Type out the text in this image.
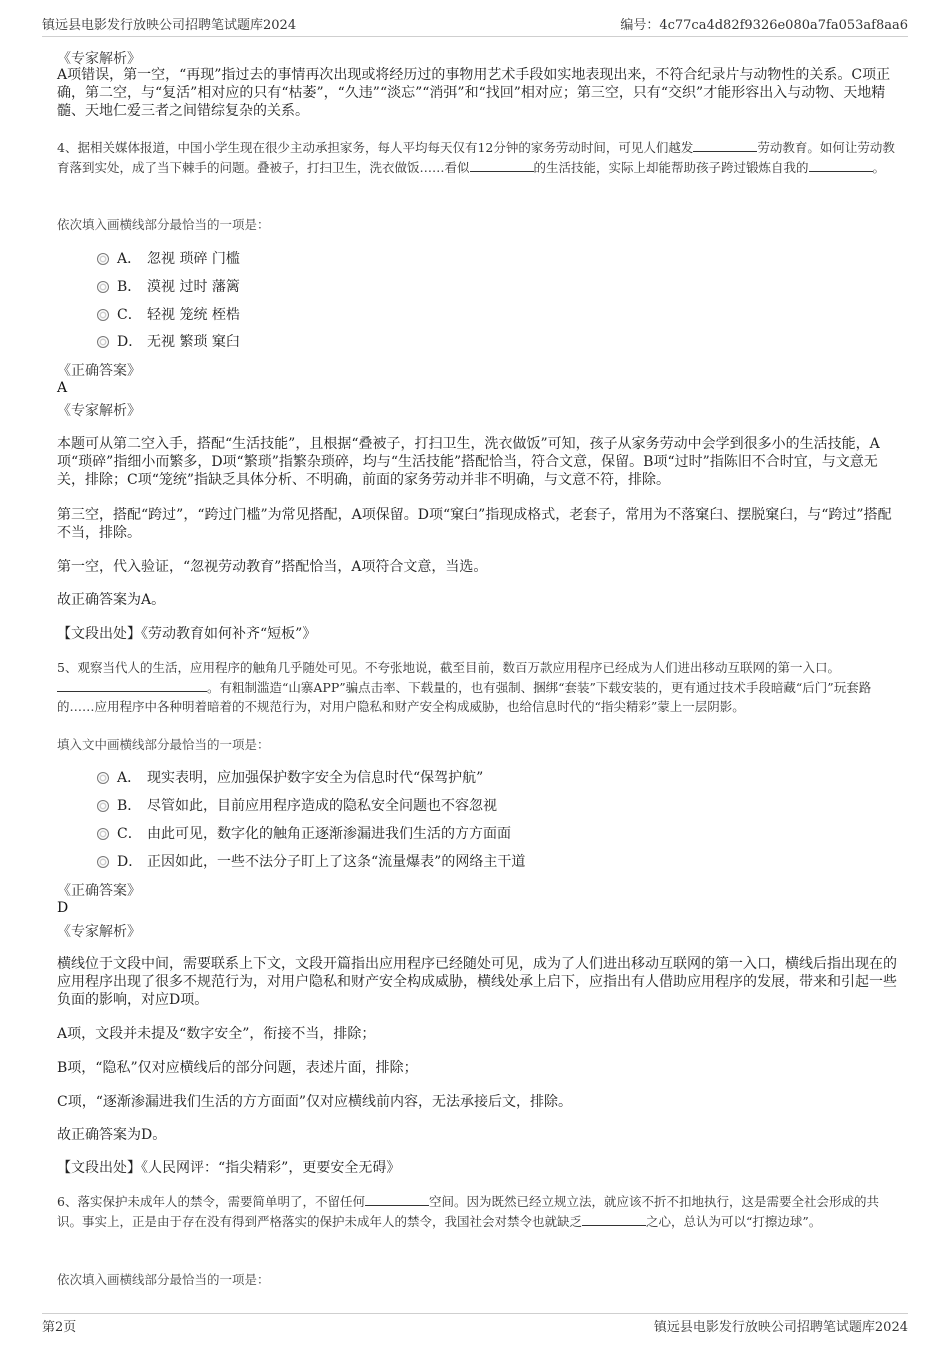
镇远县电影发行放映公司招聘笔试题库2024	编号：4c77ca4d82f9326e080a7fa053af8aa6
《专家解析》
A项错误，第一空，“再现”指过去的事情再次出现或将经历过的事物用艺术手段如实地表现出来，不符合纪录片与动物性的关系。C项正确，第二空，与“复活”相对应的只有“枯萎”，“久违”“淡忘”“消弭”和“找回”相对应；第三空，只有“交织”才能形容出入与动物、天地精髓、天地仁爱三者之间错综复杂的关系。
4、据相关媒体报道，中国小学生现在很少主动承担家务，每人平均每天仅有12分钟的家务劳动时间，可见人们越发	劳动教育。如何让劳动教育落到实处，成了当下棘手的问题。叠被子，打扫卫生，洗衣做饭……看似	的生活技能，实际上却能帮助孩子跨过锻炼自我的	。
依次填入画横线部分最恰当的一项是：
A． 忽视 琐碎 门槛
B． 漠视 过时 藩篱
C． 轻视 笼统 桎梏
D． 无视 繁琐 窠臼
《正确答案》
A
《专家解析》
本题可从第二空入手，搭配“生活技能”，且根据“叠被子，打扫卫生，洗衣做饭”可知，孩子从家务劳动中会学到很多小的生活技能，A项“琐碎”指细小而繁多，D项“繁琐”指繁杂琐碎，均与“生活技能”搭配恰当，符合文意，保留。B项“过时”指陈旧不合时宜，与文意无关，排除；C项“笼统”指缺乏具体分析、不明确，前面的家务劳动并非不明确，与文意不符，排除。
第三空，搭配“跨过”，“跨过门槛”为常见搭配，A项保留。D项“窠臼”指现成格式，老套子，常用为不落窠臼、摆脱窠臼，与“跨过”搭配不当，排除。
第一空，代入验证，“忽视劳动教育”搭配恰当，A项符合文意，当选。
故正确答案为A。
【文段出处】《劳动教育如何补齐“短板”》
5、观察当代人的生活，应用程序的触角几乎随处可见。不夸张地说，截至目前，数百万款应用程序已经成为人们进出移动互联网的第一入口。。有粗制滥造“山寨APP”骗点击率、下载量的，也有强制、捆绑“套装”下载安装的，更有通过技术手段暗藏“后门”玩套路的……应用程序中各种明着暗着的不规范行为，对用户隐私和财产安全构成威胁，也给信息时代的“指尖精彩”蒙上一层阴影。
填入文中画横线部分最恰当的一项是：
A． 现实表明，应加强保护数字安全为信息时代“保驾护航”
B． 尽管如此，目前应用程序造成的隐私安全问题也不容忽视
C． 由此可见，数字化的触角正逐渐渗漏进我们生活的方方面面
D． 正因如此，一些不法分子盯上了这条“流量爆表”的网络主干道
《正确答案》
D
《专家解析》
横线位于文段中间，需要联系上下文，文段开篇指出应用程序已经随处可见，成为了人们进出移动互联网的第一入口，横线后指出现在的应用程序出现了很多不规范行为，对用户隐私和财产安全构成威胁，横线处承上启下，应指出有人借助应用程序的发展，带来和引起一些负面的影响，对应D项。
A项，文段并未提及“数字安全”，衔接不当，排除；
B项，“隐私”仅对应横线后的部分问题，表述片面，排除；
C项，“逐渐渗漏进我们生活的方方面面”仅对应横线前内容，无法承接后文，排除。
故正确答案为D。
【文段出处】《人民网评：“指尖精彩”，更要安全无碍》
6、落实保护未成年人的禁令，需要简单明了，不留任何	空间。因为既然已经立规立法，就应该不折不扣地执行，这是需要全社会形成的共识。事实上，正是由于存在没有得到严格落实的保护未成年人的禁令，我国社会对禁令也就缺乏	之心，总认为可以“打擦边球”。
依次填入画横线部分最恰当的一项是：
第2页	镇远县电影发行放映公司招聘笔试题库2024
